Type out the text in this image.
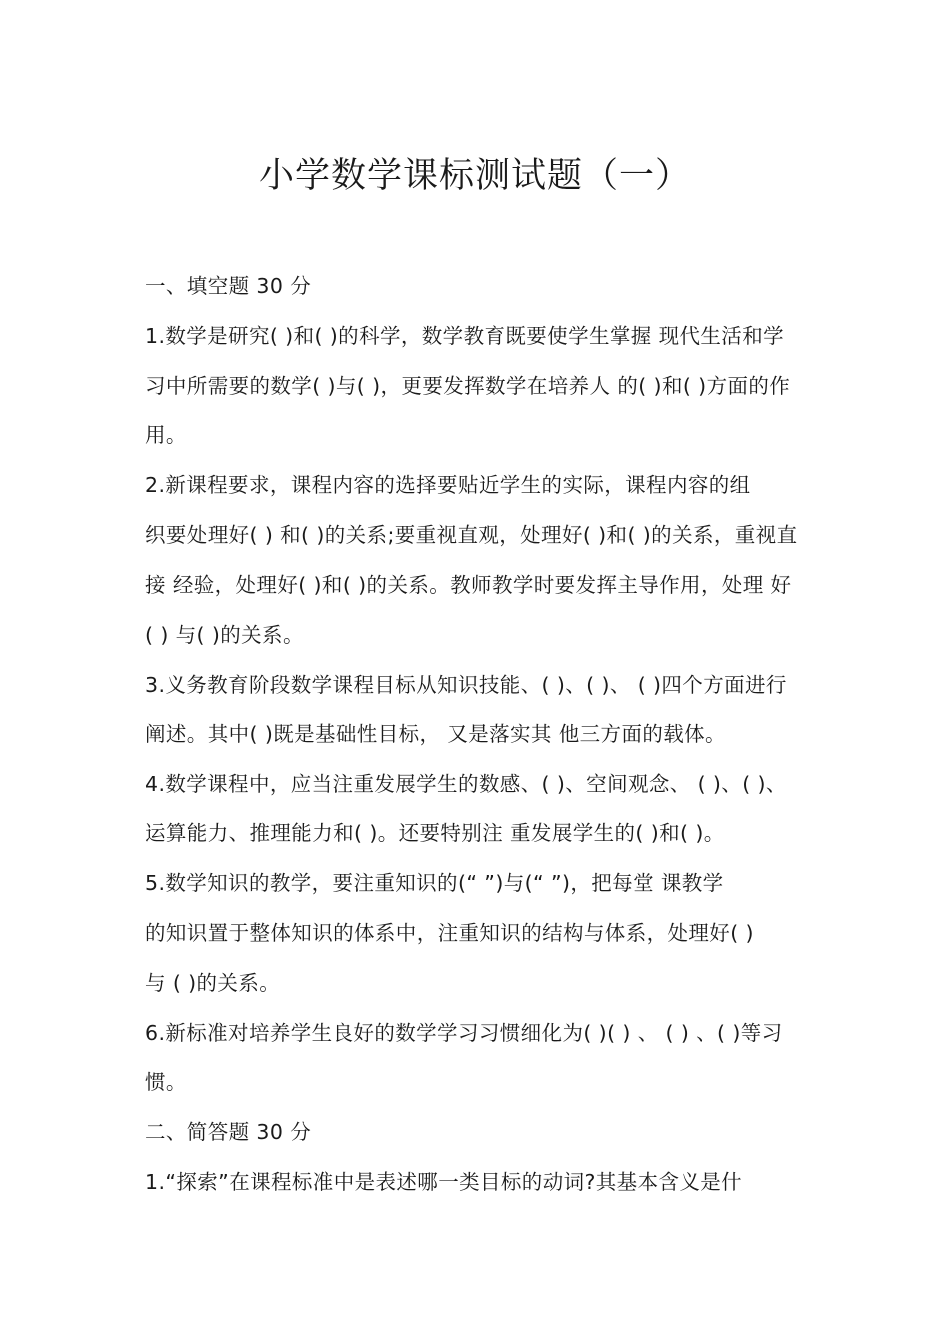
小学数学课标测试题（一）

一、填空题 30 分

1.数学是研究( )和( )的科学，数学教育既要使学生掌握 现代生活和学

习中所需要的数学( )与( )，更要发挥数学在培养人 的( )和( )方面的作

用。

2.新课程要求，课程内容的选择要贴近学生的实际，课程内容的组

织要处理好( ) 和( )的关系;要重视直观，处理好( )和( )的关系，重视直

接 经验，处理好( )和( )的关系。教师教学时要发挥主导作用，处理 好

( ) 与( )的关系。

3.义务教育阶段数学课程目标从知识技能、( )、( )、 ( )四个方面进行

阐述。其中( )既是基础性目标， 又是落实其 他三方面的载体。

4.数学课程中，应当注重发展学生的数感、( )、空间观念、 ( )、( )、

运算能力、推理能力和( )。还要特别注 重发展学生的( )和( )。

5.数学知识的教学，要注重知识的(“ ”)与(“ ”)，把每堂 课教学

的知识置于整体知识的体系中，注重知识的结构与体系，处理好( )

与 ( )的关系。

6.新标准对培养学生良好的数学学习习惯细化为( )( ) 、 ( ) 、( )等习

惯。

二、简答题 30 分

1.“探索”在课程标准中是表述哪一类目标的动词?其基本含义是什
